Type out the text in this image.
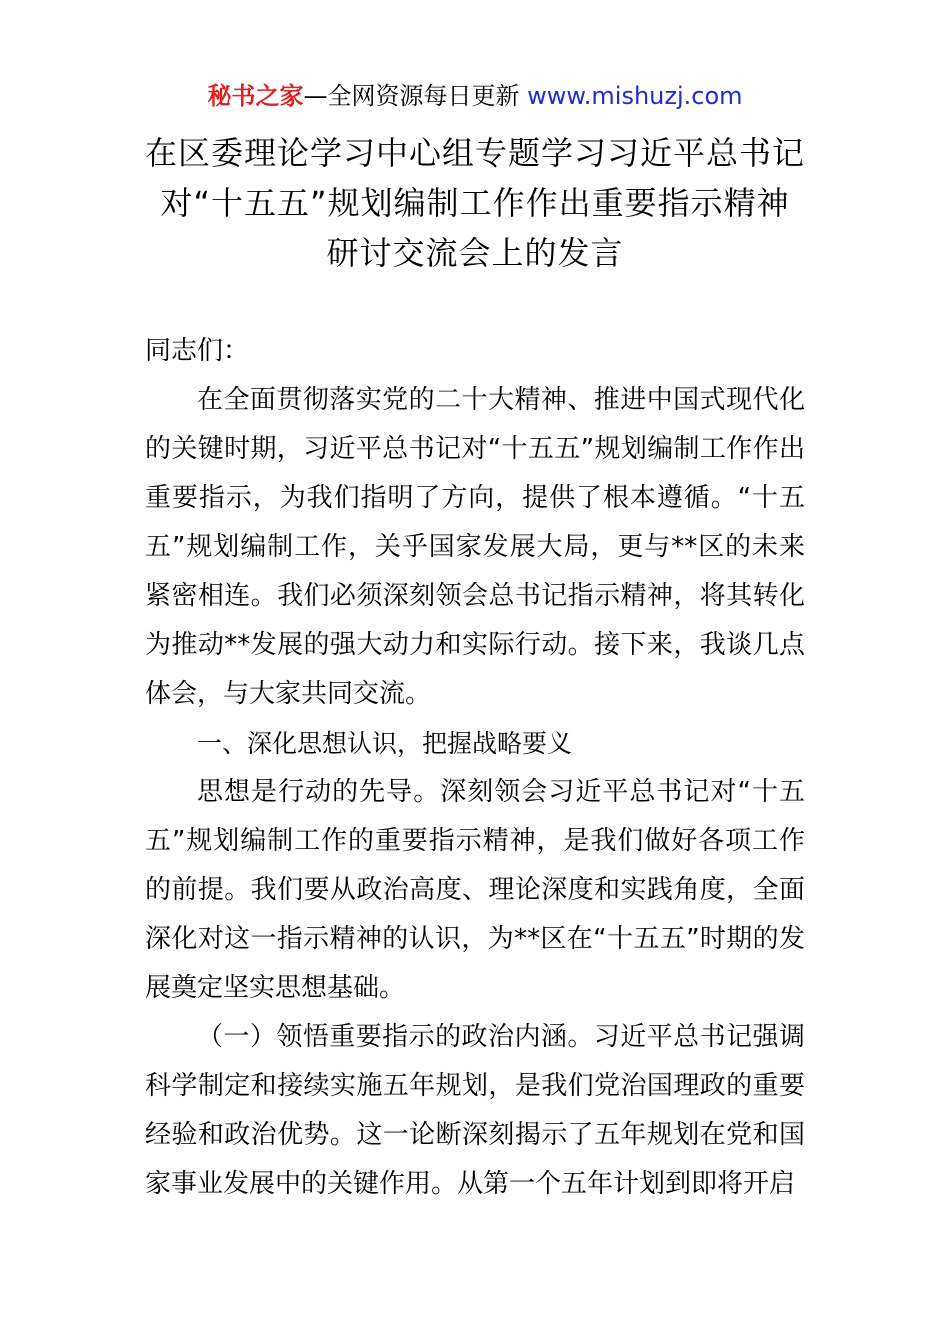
秘书之家—全网资源每日更新 www.mishuzj.com
在区委理论学习中心组专题学习习近平总书记
对“十五五”规划编制工作作出重要指示精神
研讨交流会上的发言

同志们：

在全面贯彻落实党的二十大精神、推进中国式现代化的关键时期，习近平总书记对“十五五”规划编制工作作出重要指示，为我们指明了方向，提供了根本遵循。“十五五”规划编制工作，关乎国家发展大局，更与**区的未来紧密相连。我们必须深刻领会总书记指示精神，将其转化为推动**发展的强大动力和实际行动。接下来，我谈几点体会，与大家共同交流。

一、深化思想认识，把握战略要义

思想是行动的先导。深刻领会习近平总书记对“十五五”规划编制工作的重要指示精神，是我们做好各项工作的前提。我们要从政治高度、理论深度和实践角度，全面深化对这一指示精神的认识，为**区在“十五五”时期的发展奠定坚实思想基础。

（一）领悟重要指示的政治内涵。习近平总书记强调科学制定和接续实施五年规划，是我们党治国理政的重要经验和政治优势。这一论断深刻揭示了五年规划在党和国家事业发展中的关键作用。从第一个五年计划到即将开启
